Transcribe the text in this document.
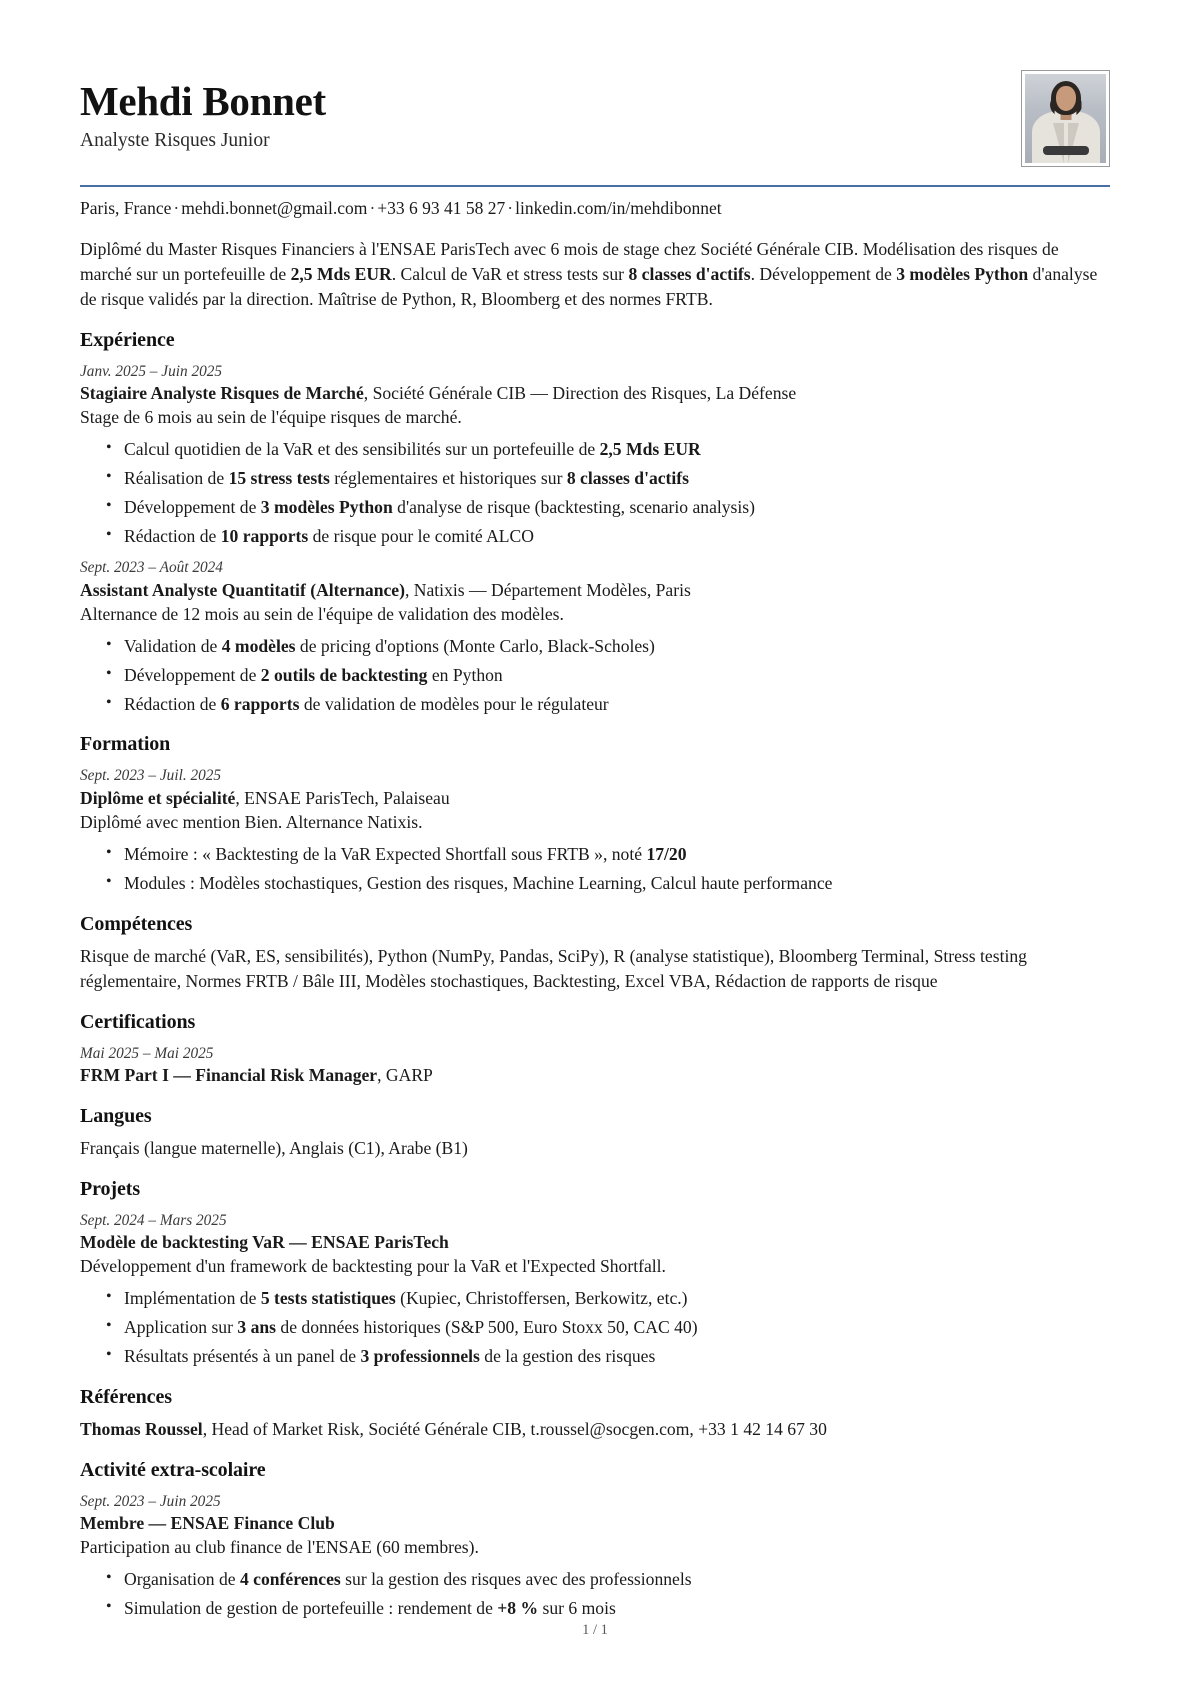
Mehdi Bonnet
Analyste Risques Junior
Paris, France · mehdi.bonnet@gmail.com · +33 6 93 41 58 27 · linkedin.com/in/mehdibonnet

Diplômé du Master Risques Financiers à l'ENSAE ParisTech avec 6 mois de stage chez Société Générale CIB. Modélisation des risques de marché sur un portefeuille de 2,5 Mds EUR. Calcul de VaR et stress tests sur 8 classes d'actifs. Développement de 3 modèles Python d'analyse de risque validés par la direction. Maîtrise de Python, R, Bloomberg et des normes FRTB.

Expérience
Janv. 2025 – Juin 2025
Stagiaire Analyste Risques de Marché, Société Générale CIB — Direction des Risques, La Défense
Stage de 6 mois au sein de l'équipe risques de marché.
• Calcul quotidien de la VaR et des sensibilités sur un portefeuille de 2,5 Mds EUR
• Réalisation de 15 stress tests réglementaires et historiques sur 8 classes d'actifs
• Développement de 3 modèles Python d'analyse de risque (backtesting, scenario analysis)
• Rédaction de 10 rapports de risque pour le comité ALCO
Sept. 2023 – Août 2024
Assistant Analyste Quantitatif (Alternance), Natixis — Département Modèles, Paris
Alternance de 12 mois au sein de l'équipe de validation des modèles.
• Validation de 4 modèles de pricing d'options (Monte Carlo, Black-Scholes)
• Développement de 2 outils de backtesting en Python
• Rédaction de 6 rapports de validation de modèles pour le régulateur
Formation
Sept. 2023 – Juil. 2025
Diplôme et spécialité, ENSAE ParisTech, Palaiseau
Diplômé avec mention Bien. Alternance Natixis.
• Mémoire : « Backtesting de la VaR Expected Shortfall sous FRTB », noté 17/20
• Modules : Modèles stochastiques, Gestion des risques, Machine Learning, Calcul haute performance
Compétences

Risque de marché (VaR, ES, sensibilités), Python (NumPy, Pandas, SciPy), R (analyse statistique), Bloomberg Terminal, Stress testing réglementaire, Normes FRTB / Bâle III, Modèles stochastiques, Backtesting, Excel VBA, Rédaction de rapports de risque

Certifications
Mai 2025 – Mai 2025
FRM Part I — Financial Risk Manager, GARP
Langues

Français (langue maternelle), Anglais (C1), Arabe (B1)

Projets
Sept. 2024 – Mars 2025
Modèle de backtesting VaR — ENSAE ParisTech
Développement d'un framework de backtesting pour la VaR et l'Expected Shortfall.
• Implémentation de 5 tests statistiques (Kupiec, Christoffersen, Berkowitz, etc.)
• Application sur 3 ans de données historiques (S&P 500, Euro Stoxx 50, CAC 40)
• Résultats présentés à un panel de 3 professionnels de la gestion des risques
Références

Thomas Roussel, Head of Market Risk, Société Générale CIB, t.roussel@socgen.com, +33 1 42 14 67 30

Activité extra-scolaire
Sept. 2023 – Juin 2025
Membre — ENSAE Finance Club
Participation au club finance de l'ENSAE (60 membres).
• Organisation de 4 conférences sur la gestion des risques avec des professionnels
• Simulation de gestion de portefeuille : rendement de +8 % sur 6 mois
1 / 1
